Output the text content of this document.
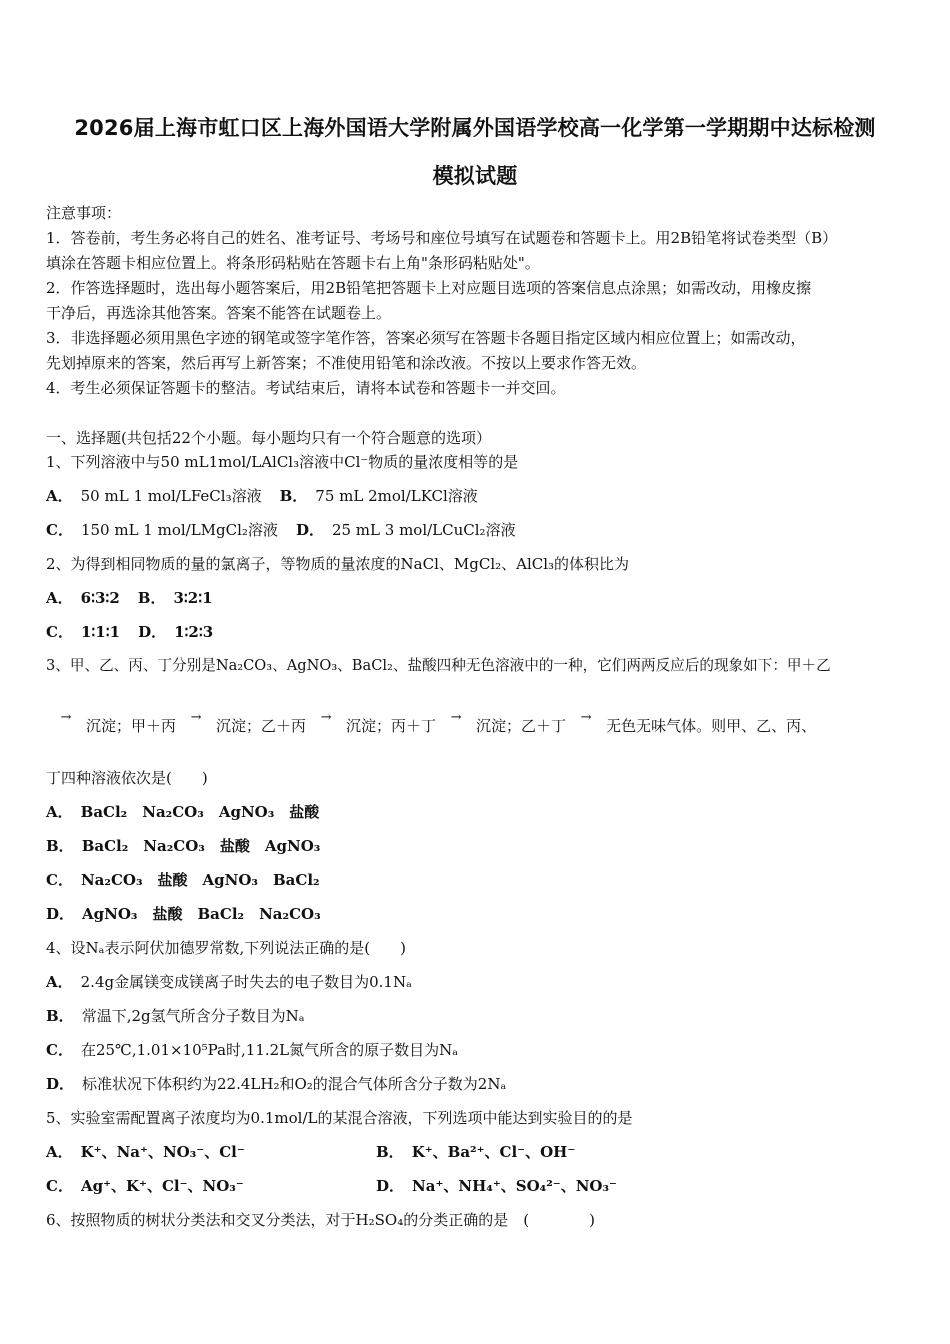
2026届上海市虹口区上海外国语大学附属外国语学校高一化学第一学期期中达标检测
模拟试题
注意事项：
1．答卷前，考生务必将自己的姓名、准考证号、考场号和座位号填写在试题卷和答题卡上。用2B铅笔将试卷类型（B）
填涂在答题卡相应位置上。将条形码粘贴在答题卡右上角"条形码粘贴处"。
2．作答选择题时，选出每小题答案后，用2B铅笔把答题卡上对应题目选项的答案信息点涂黑；如需改动，用橡皮擦
干净后，再选涂其他答案。答案不能答在试题卷上。
3．非选择题必须用黑色字迹的钢笔或签字笔作答，答案必须写在答题卡各题目指定区域内相应位置上；如需改动，
先划掉原来的答案，然后再写上新答案；不准使用铅笔和涂改液。不按以上要求作答无效。
4．考生必须保证答题卡的整洁。考试结束后，请将本试卷和答题卡一并交回。
一、选择题(共包括22个小题。每小题均只有一个符合题意的选项）
1、下列溶液中与50 mL1mol/LAlCl₃溶液中Cl⁻物质的量浓度相等的是
A． 50 mL 1 mol/LFeCl₃溶液 B． 75 mL 2mol/LKCl溶液
C． 150 mL 1 mol/LMgCl₂溶液 D． 25 mL 3 mol/LCuCl₂溶液
2、为得到相同物质的量的氯离子，等物质的量浓度的NaCl、MgCl₂、AlCl₃的体积比为
A． 6∶3∶2 B． 3∶2∶1
C． 1∶1∶1 D． 1∶2∶3
3、甲、乙、丙、丁分别是Na₂CO₃、AgNO₃、BaCl₂、盐酸四种无色溶液中的一种，它们两两反应后的现象如下：甲＋乙
→ 沉淀；甲＋丙 → 沉淀；乙＋丙 → 沉淀；丙＋丁 → 沉淀；乙＋丁 → 无色无味气体。则甲、乙、丙、
丁四种溶液依次是(　　)
A． BaCl₂　Na₂CO₃　AgNO₃　盐酸
B． BaCl₂　Na₂CO₃　盐酸　AgNO₃
C． Na₂CO₃　盐酸　AgNO₃　BaCl₂
D． AgNO₃　盐酸　BaCl₂　Na₂CO₃
4、设Nₐ表示阿伏加德罗常数,下列说法正确的是(　　)
A． 2.4g金属镁变成镁离子时失去的电子数目为0.1Nₐ
B． 常温下,2g氢气所含分子数目为Nₐ
C． 在25℃,1.01×10⁵Pa时,11.2L氮气所含的原子数目为Nₐ
D． 标准状况下体积约为22.4LH₂和O₂的混合气体所含分子数为2Nₐ
5、实验室需配置离子浓度均为0.1mol/L的某混合溶液，下列选项中能达到实验目的的是
A． K⁺、Na⁺、NO₃⁻、Cl⁻	B． K⁺、Ba²⁺、Cl⁻、OH⁻
C． Ag⁺、K⁺、Cl⁻、NO₃⁻	D． Na⁺、NH₄⁺、SO₄²⁻、NO₃⁻
6、按照物质的树状分类法和交叉分类法，对于H₂SO₄的分类正确的是　(　　　　)
